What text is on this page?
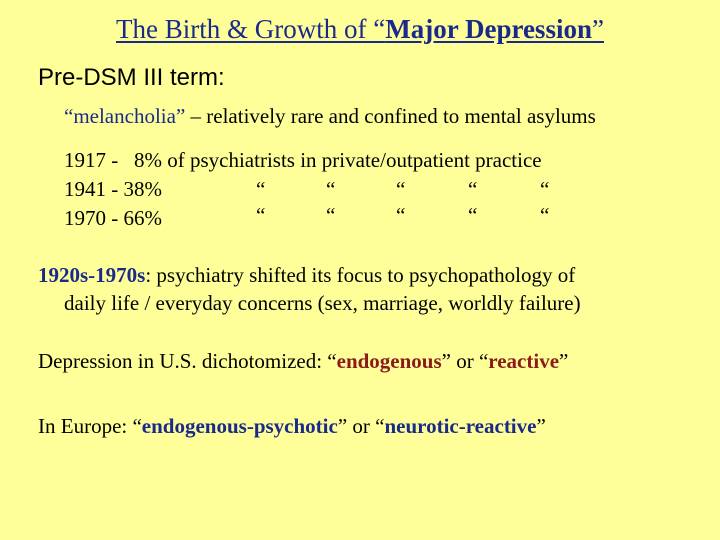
The Birth & Growth of “Major Depression”
Pre-DSM III term:
“melancholia” – relatively rare and confined to mental asylums
1917 -   8% of psychiatrists in private/outpatient practice
1941 - 38%	“	“	“	“	“
1970 - 66%	“	“	“	“	“
1920s-1970s: psychiatry shifted its focus to psychopathology of
daily life / everyday concerns (sex, marriage, worldly failure)
Depression in U.S. dichotomized: “endogenous” or “reactive”
In Europe: “endogenous-psychotic” or “neurotic-reactive”
